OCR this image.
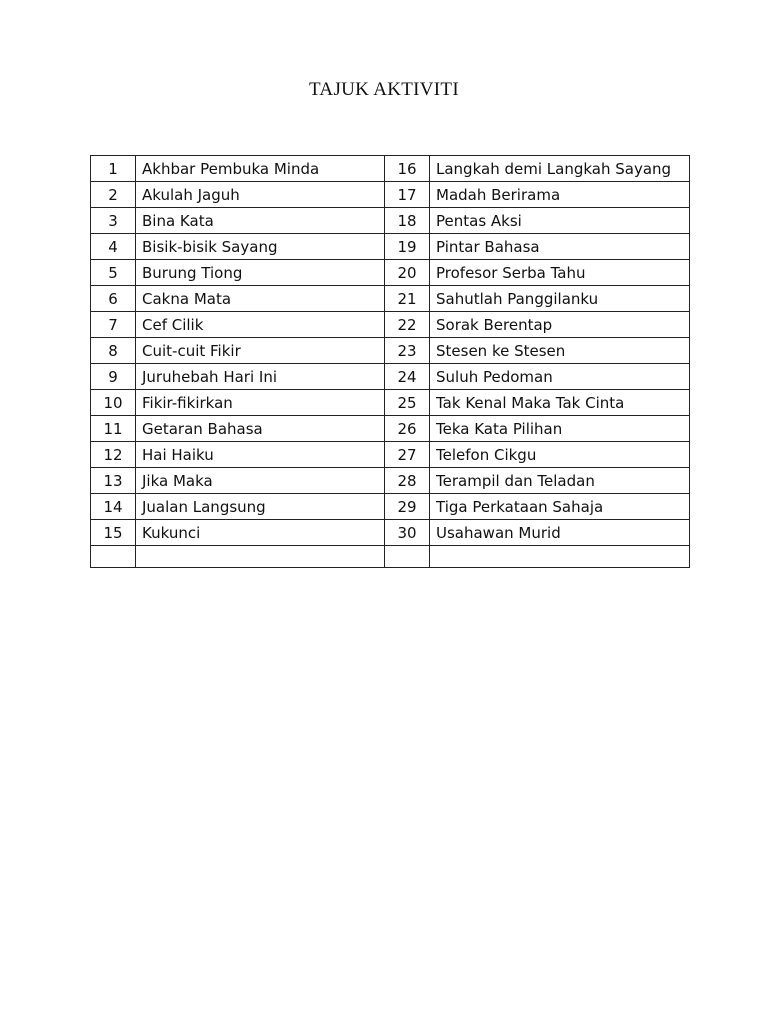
TAJUK AKTIVITI
1	Akhbar Pembuka Minda	16	Langkah demi Langkah Sayang
2	Akulah Jaguh	17	Madah Berirama
3	Bina Kata	18	Pentas Aksi
4	Bisik-bisik Sayang	19	Pintar Bahasa
5	Burung Tiong	20	Profesor Serba Tahu
6	Cakna Mata	21	Sahutlah Panggilanku
7	Cef Cilik	22	Sorak Berentap
8	Cuit-cuit Fikir	23	Stesen ke Stesen
9	Juruhebah Hari Ini	24	Suluh Pedoman
10	Fikir-fikirkan	25	Tak Kenal Maka Tak Cinta
11	Getaran Bahasa	26	Teka Kata Pilihan
12	Hai Haiku	27	Telefon Cikgu
13	Jika Maka	28	Terampil dan Teladan
14	Jualan Langsung	29	Tiga Perkataan Sahaja
15	Kukunci	30	Usahawan Murid
